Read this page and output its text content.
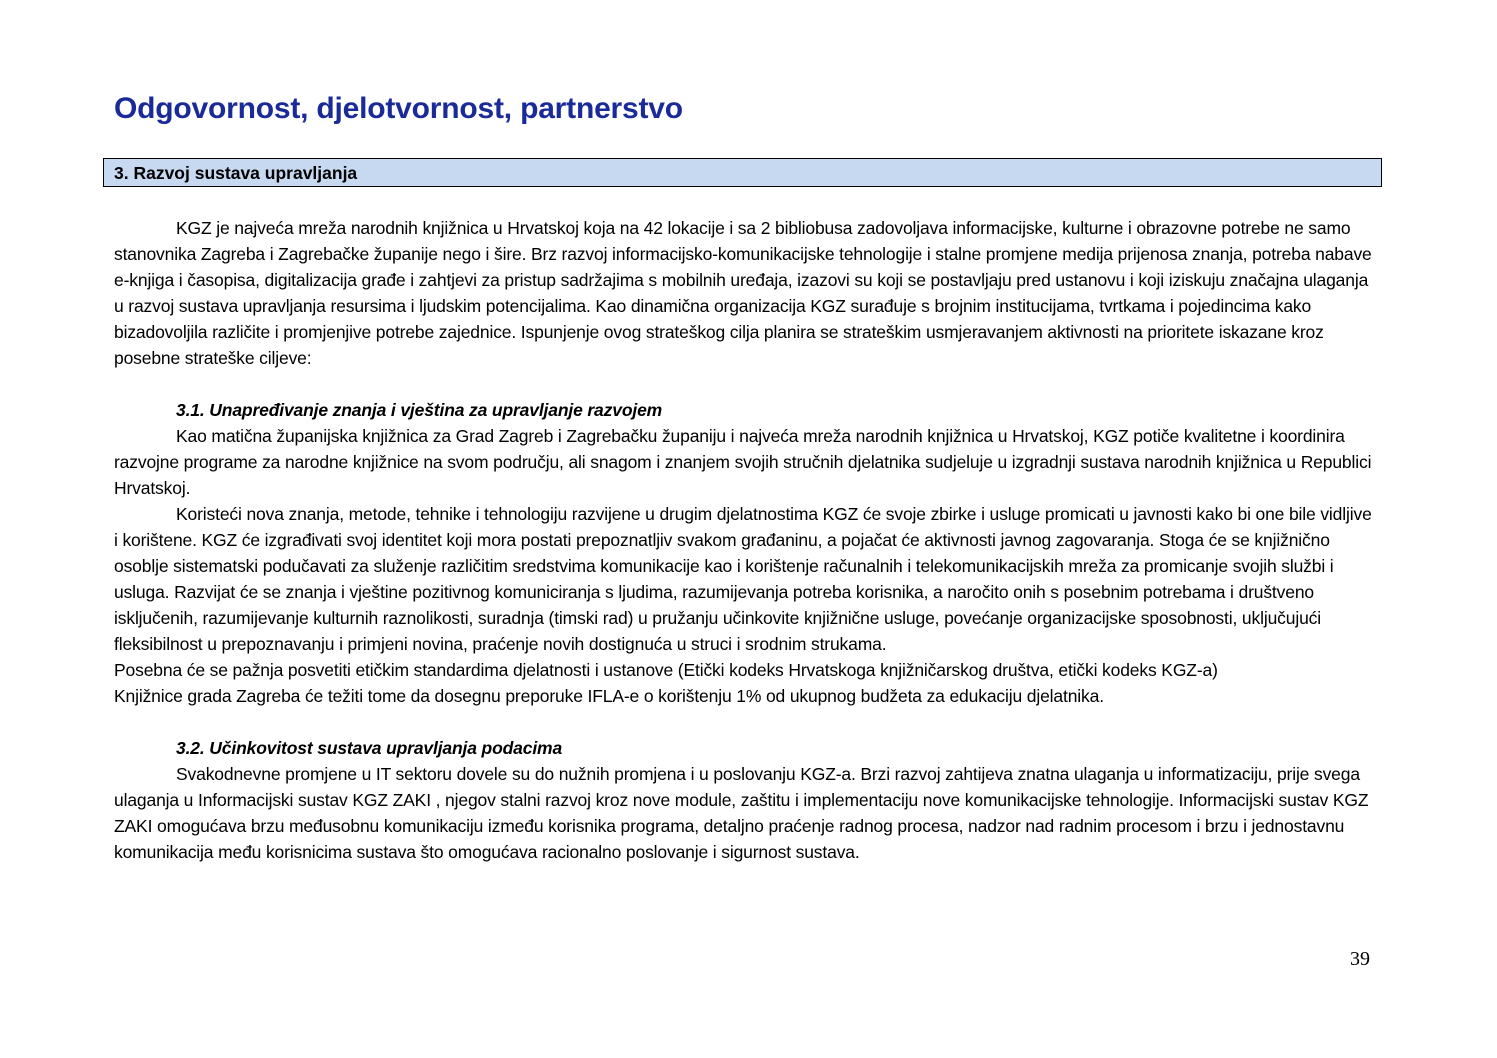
Odgovornost, djelotvornost, partnerstvo
3. Razvoj sustava upravljanja

KGZ je najveća mreža narodnih knjižnica u Hrvatskoj koja na 42 lokacije i sa 2 bibliobusa zadovoljava informacijske, kulturne i obrazovne potrebe ne samo stanovnika Zagreba i Zagrebačke županije nego i šire. Brz razvoj informacijsko-komunikacijske tehnologije i stalne promjene medija prijenosa znanja, potreba nabave e-knjiga i časopisa, digitalizacija građe i zahtjevi za pristup sadržajima s mobilnih uređaja, izazovi su koji se postavljaju pred ustanovu i koji iziskuju značajna ulaganja u razvoj sustava upravljanja resursima i ljudskim potencijalima. Kao dinamična organizacija KGZ surađuje s brojnim institucijama, tvrtkama i pojedincima kako bizadovoljila različite i promjenjive potrebe zajednice. Ispunjenje ovog strateškog cilja planira se strateškim usmjeravanjem aktivnosti na prioritete iskazane kroz posebne strateške ciljeve:

3.1. Unapređivanje znanja i vještina za upravljanje razvojem

Kao matična županijska knjižnica za Grad Zagreb i Zagrebačku županiju i najveća mreža narodnih knjižnica u Hrvatskoj, KGZ potiče kvalitetne i koordinira razvojne programe za narodne knjižnice na svom području, ali snagom i znanjem svojih stručnih djelatnika sudjeluje u izgradnji sustava narodnih knjižnica u Republici Hrvatskoj.

Koristeći nova znanja, metode, tehnike i tehnologiju razvijene u drugim djelatnostima KGZ će svoje zbirke i usluge promicati u javnosti kako bi one bile vidljive i korištene. KGZ će izgrađivati svoj identitet koji mora postati prepoznatljiv svakom građaninu, a pojačat će aktivnosti javnog zagovaranja. Stoga će se knjižnično osoblje sistematski podučavati za služenje različitim sredstvima komunikacije kao i korištenje računalnih i telekomunikacijskih mreža za promicanje svojih službi i usluga. Razvijat će se znanja i vještine pozitivnog komuniciranja s ljudima, razumijevanja potreba korisnika, a naročito onih s posebnim potrebama i društveno isključenih, razumijevanje kulturnih raznolikosti, suradnja (timski rad) u pružanju učinkovite knjižnične usluge, povećanje organizacijske sposobnosti, uključujući fleksibilnost u prepoznavanju i primjeni novina, praćenje novih dostignuća u struci i srodnim strukama.

Posebna će se pažnja posvetiti etičkim standardima djelatnosti i ustanove (Etički kodeks Hrvatskoga knjižničarskog društva, etički kodeks KGZ-a)

Knjižnice grada Zagreba će težiti tome da dosegnu preporuke IFLA-e o korištenju 1% od ukupnog budžeta za edukaciju djelatnika.

3.2. Učinkovitost sustava upravljanja podacima

Svakodnevne promjene u IT sektoru dovele su do nužnih promjena i u poslovanju KGZ-a. Brzi razvoj zahtijeva znatna ulaganja u informatizaciju, prije svega ulaganja u Informacijski sustav KGZ ZAKI , njegov stalni razvoj kroz nove module, zaštitu i implementaciju nove komunikacijske tehnologije. Informacijski sustav KGZ ZAKI omogućava brzu međusobnu komunikaciju između korisnika programa, detaljno praćenje radnog procesa, nadzor nad radnim procesom i brzu i jednostavnu komunikacija među korisnicima sustava što omogućava racionalno poslovanje i sigurnost sustava.

39
